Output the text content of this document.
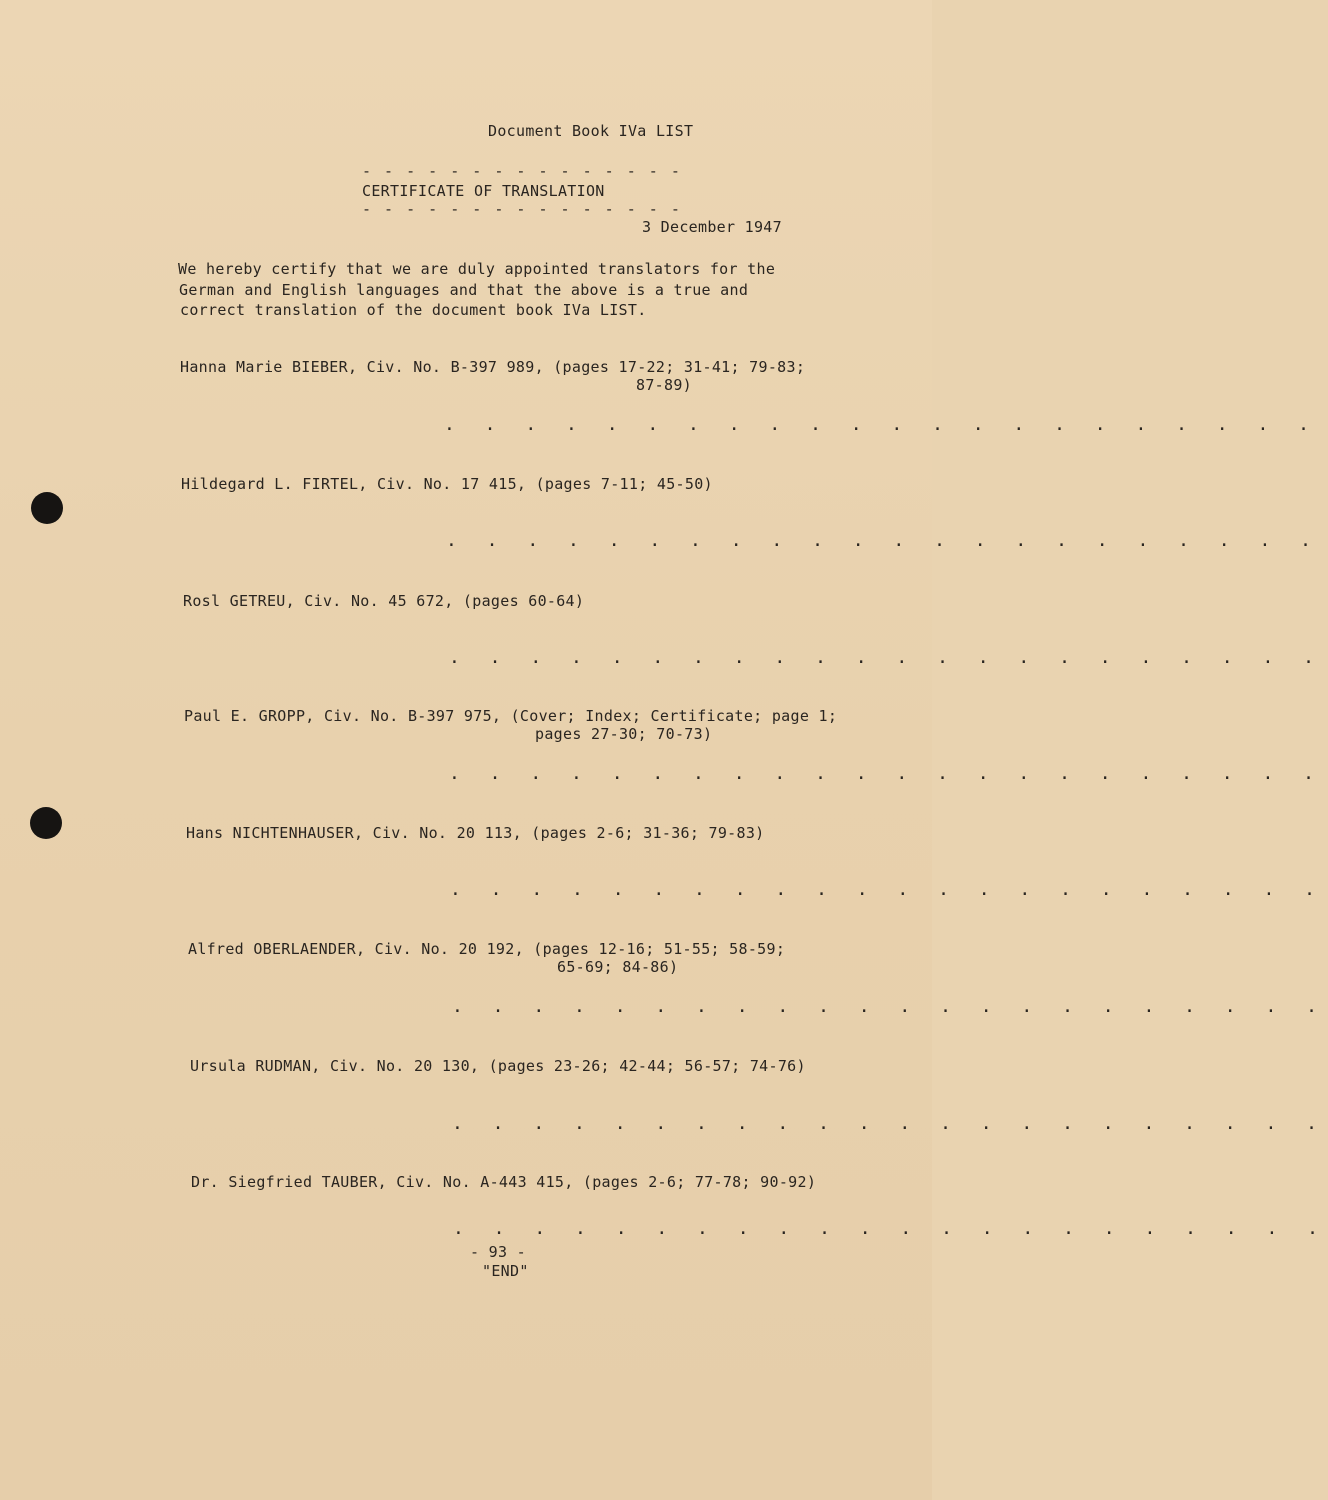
Document Book IVa LIST
- - - - - - - - - - - - - - -
CERTIFICATE OF TRANSLATION
- - - - - - - - - - - - - - -
3 December 1947
We hereby certify that we are duly appointed translators for the
German and English languages and that the above is a true and
correct translation of the document book IVa LIST.
Hanna Marie BIEBER, Civ. No. B-397 989, (pages 17-22; 31-41; 79-83;
87-89)
. . . . . . . . . . . . . . . . . . . . . .
Hildegard L. FIRTEL, Civ. No. 17 415, (pages 7-11; 45-50)
. . . . . . . . . . . . . . . . . . . . . .
Rosl GETREU, Civ. No. 45 672, (pages 60-64)
. . . . . . . . . . . . . . . . . . . . . .
Paul E. GROPP, Civ. No. B-397 975, (Cover; Index; Certificate; page 1;
pages 27-30; 70-73)
. . . . . . . . . . . . . . . . . . . . . .
Hans NICHTENHAUSER, Civ. No. 20 113, (pages 2-6; 31-36; 79-83)
. . . . . . . . . . . . . . . . . . . . . .
Alfred OBERLAENDER, Civ. No. 20 192, (pages 12-16; 51-55; 58-59;
65-69; 84-86)
. . . . . . . . . . . . . . . . . . . . . .
Ursula RUDMAN, Civ. No. 20 130, (pages 23-26; 42-44; 56-57; 74-76)
. . . . . . . . . . . . . . . . . . . . . .
Dr. Siegfried TAUBER, Civ. No. A-443 415, (pages 2-6; 77-78; 90-92)
. . . . . . . . . . . . . . . . . . . . . .
- 93 -
"END"
